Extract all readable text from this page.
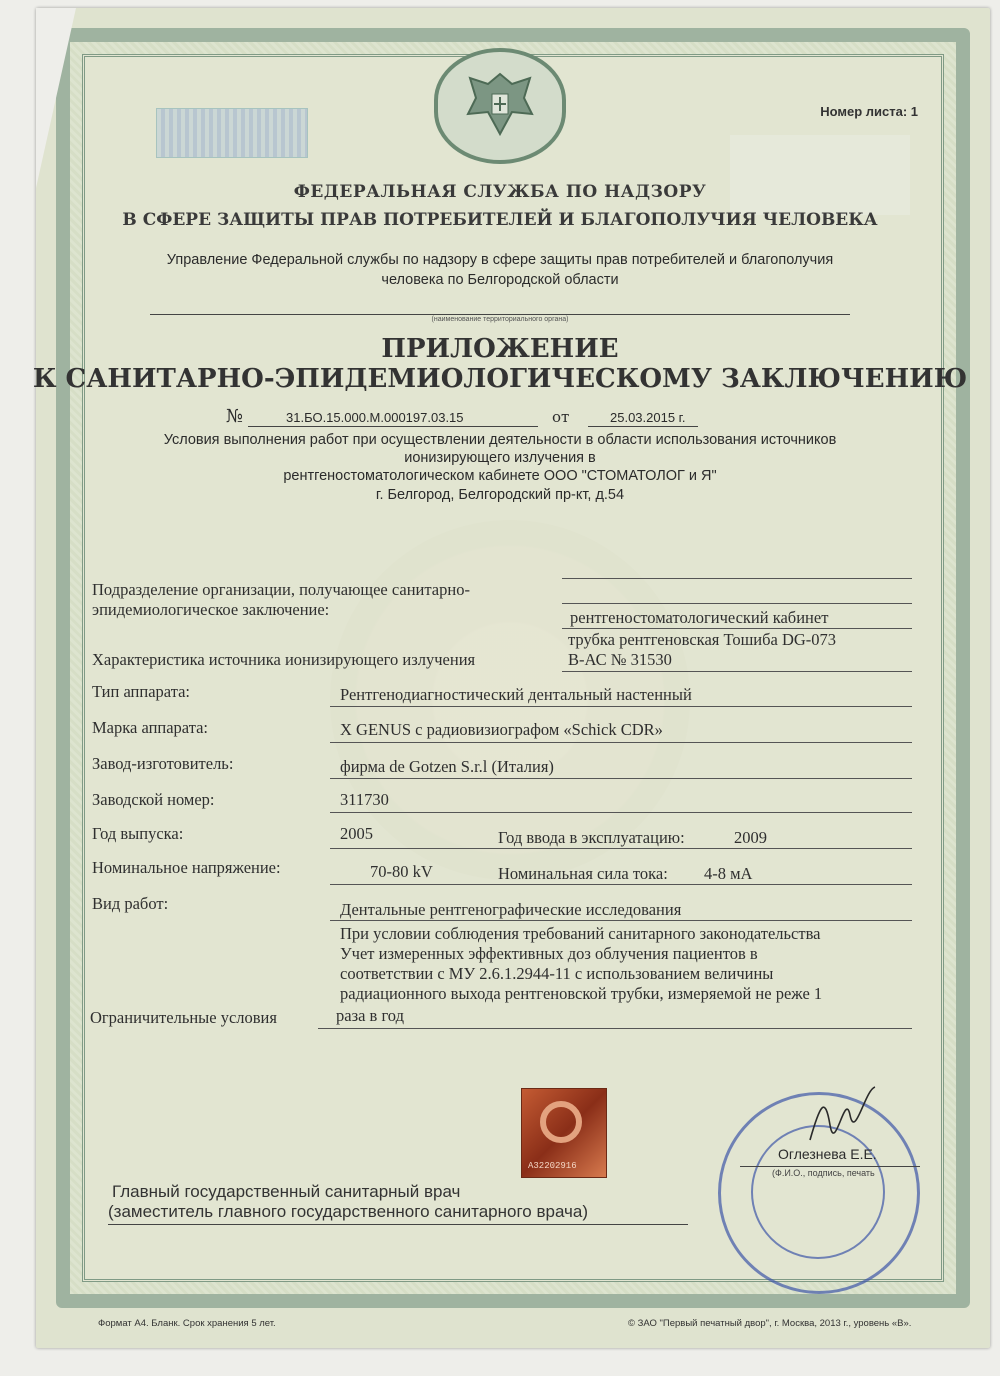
Номер листа: 1
ФЕДЕРАЛЬНАЯ СЛУЖБА ПО НАДЗОРУ
В СФЕРЕ ЗАЩИТЫ ПРАВ ПОТРЕБИТЕЛЕЙ И БЛАГОПОЛУЧИЯ ЧЕЛОВЕКА
Управление Федеральной службы по надзору в сфере защиты прав потребителей и благополучия
человека по Белгородской области
(наименование территориального органа)
ПРИЛОЖЕНИЕ
К САНИТАРНО-ЭПИДЕМИОЛОГИЧЕСКОМУ ЗАКЛЮЧЕНИЮ
№	31.БО.15.000.М.000197.03.15	от	25.03.2015 г.
Условия выполнения работ при осуществлении деятельности в области использования источников
ионизирующего излучения в
рентгеностоматологическом кабинете ООО "СТОМАТОЛОГ и Я"
г. Белгород, Белгородский пр-кт, д.54
Подразделение организации, получающее санитарно-
эпидемиологическое заключение:	рентгеностоматологический кабинет
трубка рентгеновская Тошиба DG-073
Характеристика источника ионизирующего излучения	В-АС № 31530
Тип аппарата:	Рентгенодиагностический дентальный настенный
Марка аппарата:	X GENUS с радиовизиографом «Schick CDR»
Завод-изготовитель:	фирма de Gotzen S.r.l (Италия)
Заводской номер:	311730
Год выпуска:	2005	Год ввода в эксплуатацию:	2009
Номинальное напряжение:	70-80 kV	Номинальная сила тока: 4-8 мА
Вид работ:	Дентальные рентгенографические исследования
При условии соблюдения требований санитарного законодательства
Учет измеренных эффективных доз облучения пациентов в
соответствии с МУ 2.6.1.2944-11 с использованием величины
радиационного выхода рентгеновской трубки, измеряемой не реже 1
Ограничительные условия	раза в год
А32202916
Оглезнева Е.Е.
(Ф.И.О., подпись, печать
Главный государственный санитарный врач
(заместитель главного государственного санитарного врача)
Формат А4. Бланк. Срок хранения 5 лет.	© ЗАО "Первый печатный двор", г. Москва, 2013 г., уровень «В».
